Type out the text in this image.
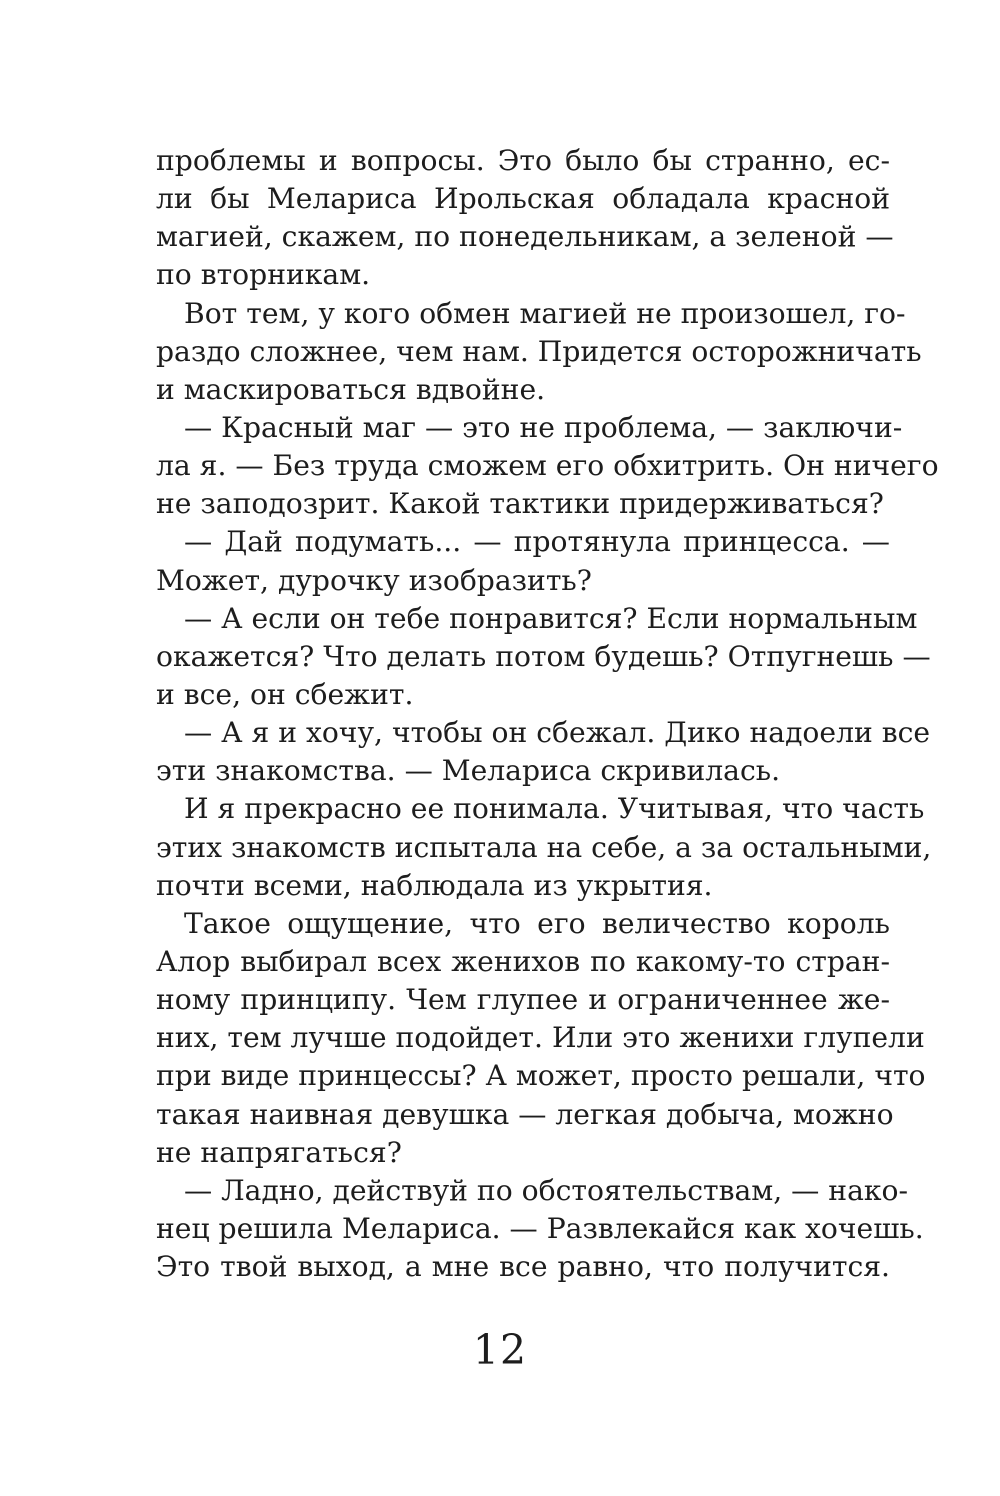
проблемы и вопросы. Это было бы странно, ес-
ли бы Мелариса Ирольская обладала красной
магией, скажем, по понедельникам, а зеленой —
по вторникам.
Вот тем, у кого обмен магией не произошел, го-
раздо сложнее, чем нам. Придется осторожничать
и маскироваться вдвойне.
— Красный маг — это не проблема, — заключи-
ла я. — Без труда сможем его обхитрить. Он ничего
не заподозрит. Какой тактики придерживаться?
— Дай подумать... — протянула принцесса. —
Может, дурочку изобразить?
— А если он тебе понравится? Если нормальным
окажется? Что делать потом будешь? Отпугнешь —
и все, он сбежит.
— А я и хочу, чтобы он сбежал. Дико надоели все
эти знакомства. — Мелариса скривилась.
И я прекрасно ее понимала. Учитывая, что часть
этих знакомств испытала на себе, а за остальными,
почти всеми, наблюдала из укрытия.
Такое ощущение, что его величество король
Алор выбирал всех женихов по какому-то стран-
ному принципу. Чем глупее и ограниченнее же-
них, тем лучше подойдет. Или это женихи глупели
при виде принцессы? А может, просто решали, что
такая наивная девушка — легкая добыча, можно
не напрягаться?
— Ладно, действуй по обстоятельствам, — нако-
нец решила Мелариса. — Развлекайся как хочешь.
Это твой выход, а мне все равно, что получится.
12
